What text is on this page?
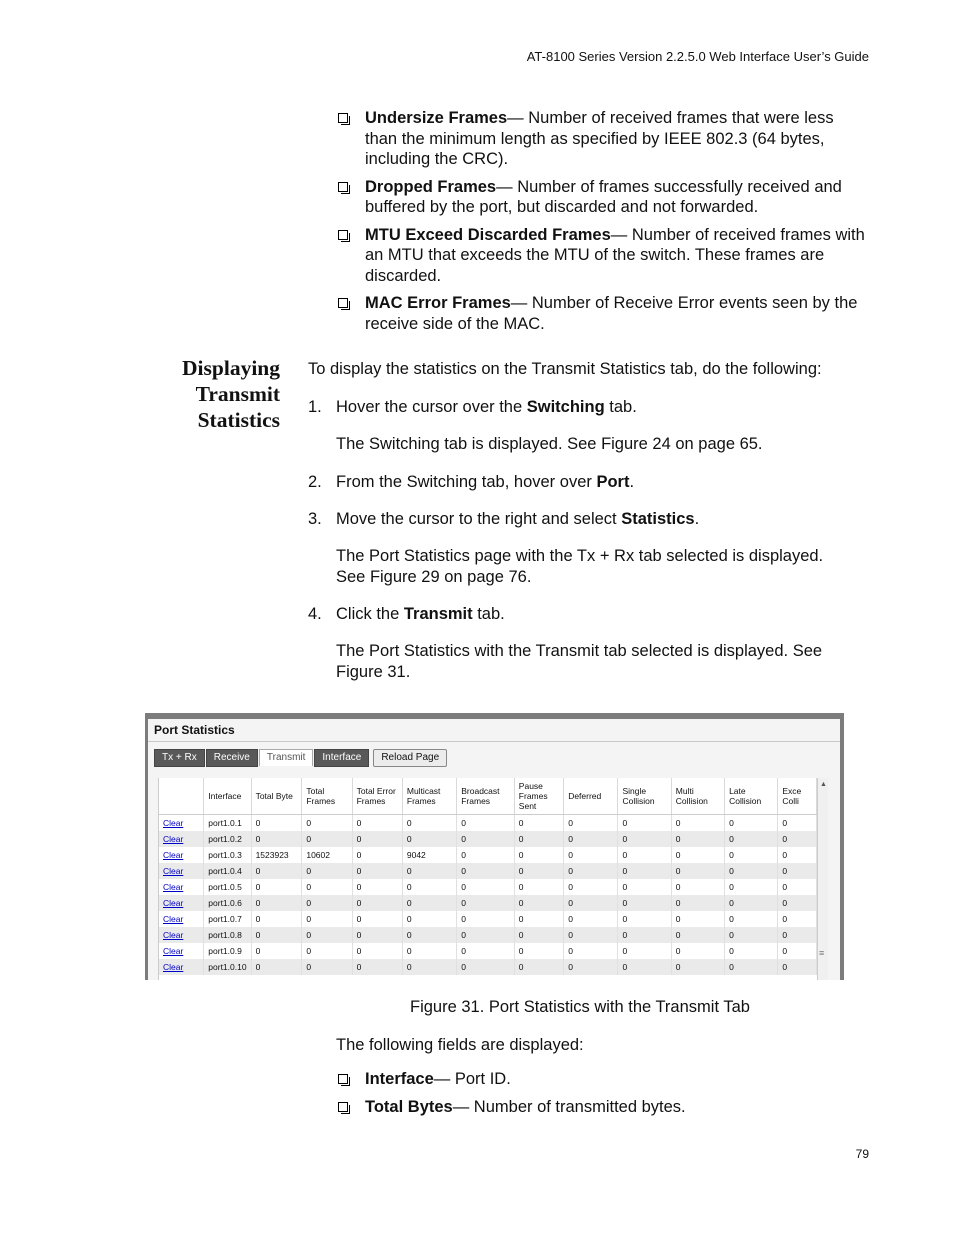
AT-8100 Series Version 2.2.5.0 Web Interface User’s Guide
Undersize Frames— Number of received frames that were less than the minimum length as specified by IEEE 802.3 (64 bytes, including the CRC).
Dropped Frames— Number of frames successfully received and buffered by the port, but discarded and not forwarded.
MTU Exceed Discarded Frames— Number of received frames with an MTU that exceeds the MTU of the switch. These frames are discarded.
MAC Error Frames— Number of Receive Error events seen by the receive side of the MAC.
Displaying
Transmit
Statistics
To display the statistics on the Transmit Statistics tab, do the following:
1. Hover the cursor over the Switching tab.
The Switching tab is displayed. See Figure 24 on page 65.
2. From the Switching tab, hover over Port.
3. Move the cursor to the right and select Statistics.
The Port Statistics page with the Tx + Rx tab selected is displayed. See Figure 29 on page 76.
4. Click the Transmit tab.
The Port Statistics with the Transmit tab selected is displayed. See Figure 31.
Port Statistics
Tx + Rx	Receive	Transmit	Interface	Reload Page
	Interface	Total Byte	Total Frames	Total Error Frames	Multicast Frames	Broadcast Frames	Pause Frames Sent	Deferred	Single Collision	Multi Collision	Late Collision	Exce Colli
Clear	port1.0.1	0	0	0	0	0	0	0	0	0	0	0
Clear	port1.0.2	0	0	0	0	0	0	0	0	0	0	0
Clear	port1.0.3	1523923	10602	0	9042	0	0	0	0	0	0	0
Clear	port1.0.4	0	0	0	0	0	0	0	0	0	0	0
Clear	port1.0.5	0	0	0	0	0	0	0	0	0	0	0
Clear	port1.0.6	0	0	0	0	0	0	0	0	0	0	0
Clear	port1.0.7	0	0	0	0	0	0	0	0	0	0	0
Clear	port1.0.8	0	0	0	0	0	0	0	0	0	0	0
Clear	port1.0.9	0	0	0	0	0	0	0	0	0	0	0
Clear	port1.0.10	0	0	0	0	0	0	0	0	0	0	0
▲
≡
Figure 31. Port Statistics with the Transmit Tab
The following fields are displayed:
Interface— Port ID.
Total Bytes— Number of transmitted bytes.
79
